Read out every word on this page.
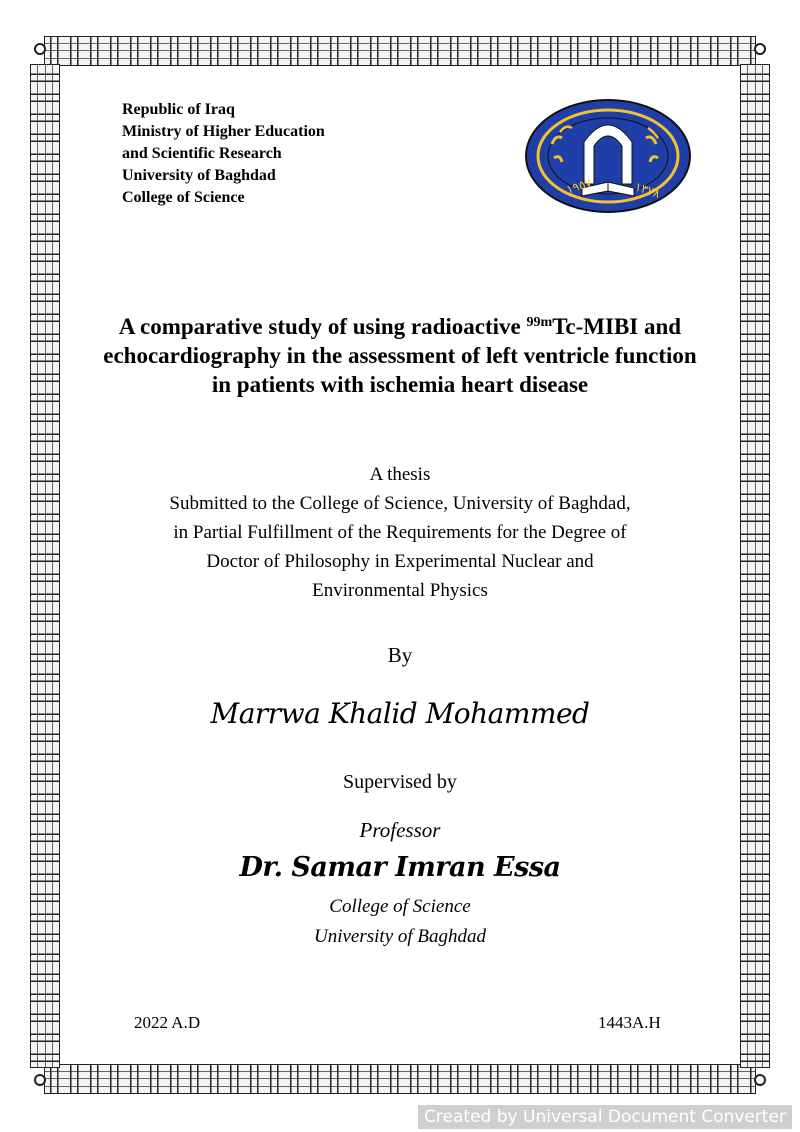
Republic of Iraq
Ministry of Higher Education
and Scientific Research
University of Baghdad
College of Science
١٩٥٧	١٣٧٨
A comparative study of using radioactive $^{99m}$Tc-MIBI and echocardiography in the assessment of left ventricle function in patients with ischemia heart disease
A thesis
Submitted to the College of Science, University of Baghdad,
in Partial Fulfillment of the Requirements for the Degree of
Doctor of Philosophy in Experimental Nuclear and
Environmental Physics
By
Marrwa Khalid Mohammed
Supervised by
Professor
Dr. Samar Imran Essa
College of Science
University of Baghdad
2022 A.D	1443A.H
Created by Universal Document Converter
